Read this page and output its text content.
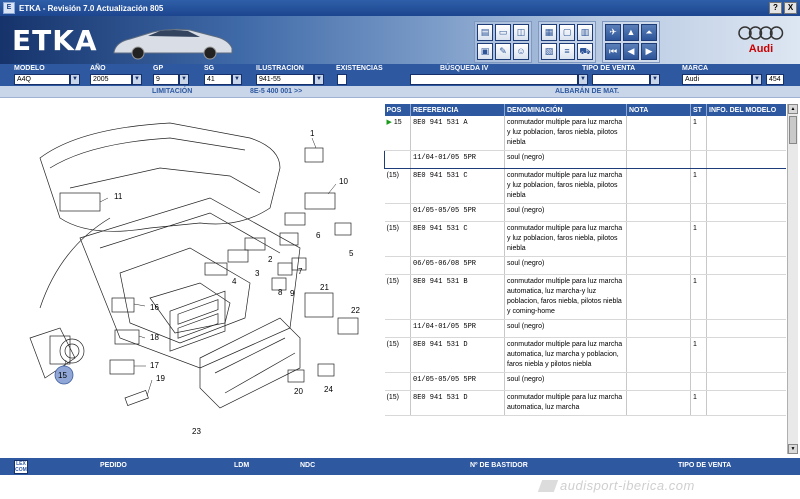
E ETKA - Revisión 7.0 Actualización 805	?	X
ETKA	▤	▭	◫
▣	✎	☺
▦	▢	▥
▧	≡	⛟
✈	▲	⏶
⏮	◀	▶	Audi
MODELO
A4Q	▼
AÑO
2005	▼
GP
9	▼
SG
41	▼
ILUSTRACION
941-55	▼
EXISTENCIAS	BÚSQUEDA IV
▼
TIPO DE VENTA
▼
MARCA
Audi	▼	454
LIMITACIÓN	8E-5 400 001 >>	ALBARÁN DE MAT.
1
6
10
11
5
4
2
3	7
8 9
21
22
16
18
17
19
15
20	24
23
POS	REFERENCIA	DENOMINACIÓN	NOTA	ST	INFO. DEL MODELO
▶ 15	8E0 941 531 A	conmutador multiple para luz marcha y luz poblacion, faros niebla, pilotos niebla		1	
	11/04-01/05 5PR	soul (negro)			
(15)	8E0 941 531 C	conmutador multiple para luz marcha y luz poblacion, faros niebla, pilotos niebla		1	
	01/05-05/05 5PR	soul (negro)			
(15)	8E0 941 531 C	conmutador multiple para luz marcha y luz poblacion, faros niebla, pilotos niebla		1	
	06/05-06/08 5PR	soul (negro)			
(15)	8E0 941 531 B	conmutador multiple para luz marcha automatica, luz marcha-y luz poblacion, faros niebla, pilotos niebla y coming-home		1	
	11/04-01/05 5PR	soul (negro)			
(15)	8E0 941 531 D	conmutador multiple para luz marcha automatica, luz marcha y poblacion, faros niebla y pilotos niebla		1	
	01/05-05/05 5PR	soul (negro)			
(15)	8E0 941 531 D	conmutador multiple para luz marcha automatica, luz marcha		1	
▲
▼
LEX COM
PEDIDO	LDM	NDC	Nº DE BASTIDOR	TIPO DE VENTA
audisport-iberica.com
